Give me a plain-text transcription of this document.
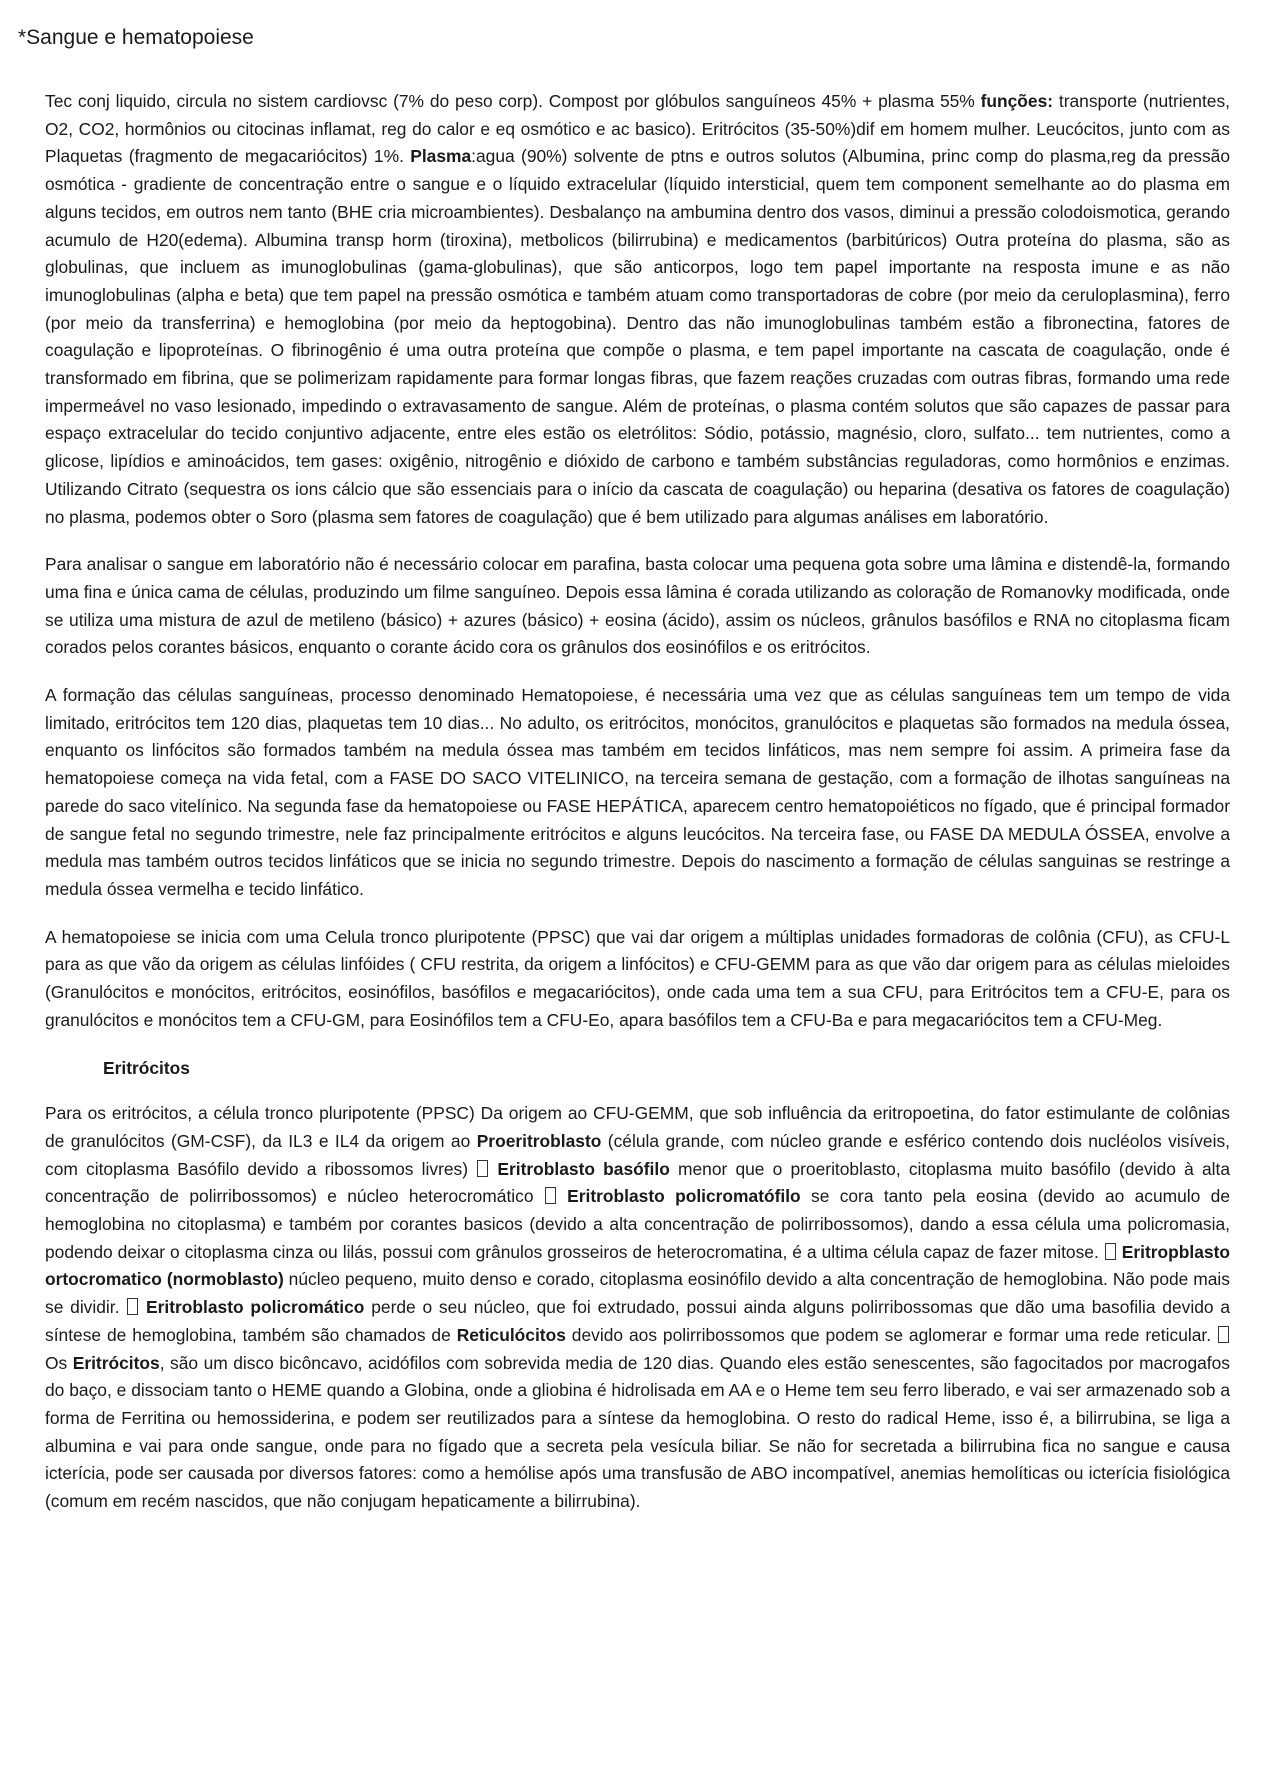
*Sangue e hematopoiese

Tec conj liquido, circula no sistem cardiovsc (7% do peso corp). Compost por glóbulos sanguíneos 45% + plasma 55% funções: transporte (nutrientes, O2, CO2, hormônios ou citocinas inflamat, reg do calor e eq osmótico e ac basico). Eritrócitos (35-50%)dif em homem mulher. Leucócitos, junto com as Plaquetas (fragmento de megacariócitos) 1%. Plasma:agua (90%) solvente de ptns e outros solutos (Albumina, princ comp do plasma,reg da pressão osmótica - gradiente de concentração entre o sangue e o líquido extracelular (líquido intersticial, quem tem component semelhante ao do plasma em alguns tecidos, em outros nem tanto (BHE cria microambientes). Desbalanço na ambumina dentro dos vasos, diminui a pressão colodoismotica, gerando acumulo de H20(edema). Albumina transp horm (tiroxina), metbolicos (bilirrubina) e medicamentos (barbitúricos) Outra proteína do plasma, são as globulinas, que incluem as imunoglobulinas (gama-globulinas), que são anticorpos, logo tem papel importante na resposta imune e as não imunoglobulinas (alpha e beta) que tem papel na pressão osmótica e também atuam como transportadoras de cobre (por meio da ceruloplasmina), ferro (por meio da transferrina) e hemoglobina (por meio da heptogobina). Dentro das não imunoglobulinas também estão a fibronectina, fatores de coagulação e lipoproteínas. O fibrinogênio é uma outra proteína que compõe o plasma, e tem papel importante na cascata de coagulação, onde é transformado em fibrina, que se polimerizam rapidamente para formar longas fibras, que fazem reações cruzadas com outras fibras, formando uma rede impermeável no vaso lesionado, impedindo o extravasamento de sangue. Além de proteínas, o plasma contém solutos que são capazes de passar para espaço extracelular do tecido conjuntivo adjacente, entre eles estão os eletrólitos: Sódio, potássio, magnésio, cloro, sulfato... tem nutrientes, como a glicose, lipídios e aminoácidos, tem gases: oxigênio, nitrogênio e dióxido de carbono e também substâncias reguladoras, como hormônios e enzimas. Utilizando Citrato (sequestra os ions cálcio que são essenciais para o início da cascata de coagulação) ou heparina (desativa os fatores de coagulação) no plasma, podemos obter o Soro (plasma sem fatores de coagulação) que é bem utilizado para algumas análises em laboratório.

Para analisar o sangue em laboratório não é necessário colocar em parafina, basta colocar uma pequena gota sobre uma lâmina e distendê-la, formando uma fina e única cama de células, produzindo um filme sanguíneo. Depois essa lâmina é corada utilizando as coloração de Romanovky modificada, onde se utiliza uma mistura de azul de metileno (básico) + azures (básico) + eosina (ácido), assim os núcleos, grânulos basófilos e RNA no citoplasma ficam corados pelos corantes básicos, enquanto o corante ácido cora os grânulos dos eosinófilos e os eritrócitos.

A formação das células sanguíneas, processo denominado Hematopoiese, é necessária uma vez que as células sanguíneas tem um tempo de vida limitado, eritrócitos tem 120 dias, plaquetas tem 10 dias... No adulto, os eritrócitos, monócitos, granulócitos e plaquetas são formados na medula óssea, enquanto os linfócitos são formados também na medula óssea mas também em tecidos linfáticos, mas nem sempre foi assim. A primeira fase da hematopoiese começa na vida fetal, com a FASE DO SACO VITELINICO, na terceira semana de gestação, com a formação de ilhotas sanguíneas na parede do saco vitelínico. Na segunda fase da hematopoiese ou FASE HEPÁTICA, aparecem centro hematopoiéticos no fígado, que é principal formador de sangue fetal no segundo trimestre, nele faz principalmente eritrócitos e alguns leucócitos. Na terceira fase, ou FASE DA MEDULA ÓSSEA, envolve a medula mas também outros tecidos linfáticos que se inicia no segundo trimestre. Depois do nascimento a formação de células sanguinas se restringe a medula óssea vermelha e tecido linfático.

A hematopoiese se inicia com uma Celula tronco pluripotente (PPSC) que vai dar origem a múltiplas unidades formadoras de colônia (CFU), as CFU-L para as que vão da origem as células linfóides ( CFU restrita, da origem a linfócitos) e CFU-GEMM para as que vão dar origem para as células mieloides (Granulócitos e monócitos, eritrócitos, eosinófilos, basófilos e megacariócitos), onde cada uma tem a sua CFU, para Eritrócitos tem a CFU-E, para os granulócitos e monócitos tem a CFU-GM, para Eosinófilos tem a CFU-Eo, apara basófilos tem a CFU-Ba e para megacariócitos tem a CFU-Meg.

Eritrócitos

Para os eritrócitos, a célula tronco pluripotente (PPSC) Da origem ao CFU-GEMM, que sob influência da eritropoetina, do fator estimulante de colônias de granulócitos (GM-CSF), da IL3 e IL4 da origem ao Proeritroblasto (célula grande, com núcleo grande e esférico contendo dois nucléolos visíveis, com citoplasma Basófilo devido a ribossomos livres)  Eritroblasto basófilo menor que o proeritoblasto, citoplasma muito basófilo (devido à alta concentração de polirribossomos) e núcleo heterocromático  Eritroblasto policromatófilo se cora tanto pela eosina (devido ao acumulo de hemoglobina no citoplasma) e também por corantes basicos (devido a alta concentração de polirribossomos), dando a essa célula uma policromasia, podendo deixar o citoplasma cinza ou lilás, possui com grânulos grosseiros de heterocromatina, é a ultima célula capaz de fazer mitose.  Eritropblasto ortocromatico (normoblasto) núcleo pequeno, muito denso e corado, citoplasma eosinófilo devido a alta concentração de hemoglobina. Não pode mais se dividir.  Eritroblasto policromático perde o seu núcleo, que foi extrudado, possui ainda alguns polirribossomas que dão uma basofilia devido a síntese de hemoglobina, também são chamados de Reticulócitos devido aos polirribossomos que podem se aglomerar e formar uma rede reticular.  Os Eritrócitos, são um disco bicôncavo, acidófilos com sobrevida media de 120 dias. Quando eles estão senescentes, são fagocitados por macrogafos do baço, e dissociam tanto o HEME quando a Globina, onde a gliobina é hidrolisada em AA e o Heme tem seu ferro liberado, e vai ser armazenado sob a forma de Ferritina ou hemossiderina, e podem ser reutilizados para a síntese da hemoglobina. O resto do radical Heme, isso é, a bilirrubina, se liga a albumina e vai para onde sangue, onde para no fígado que a secreta pela vesícula biliar. Se não for secretada a bilirrubina fica no sangue e causa icterícia, pode ser causada por diversos fatores: como a hemólise após uma transfusão de ABO incompatível, anemias hemolíticas ou icterícia fisiológica (comum em recém nascidos, que não conjugam hepaticamente a bilirrubina).
